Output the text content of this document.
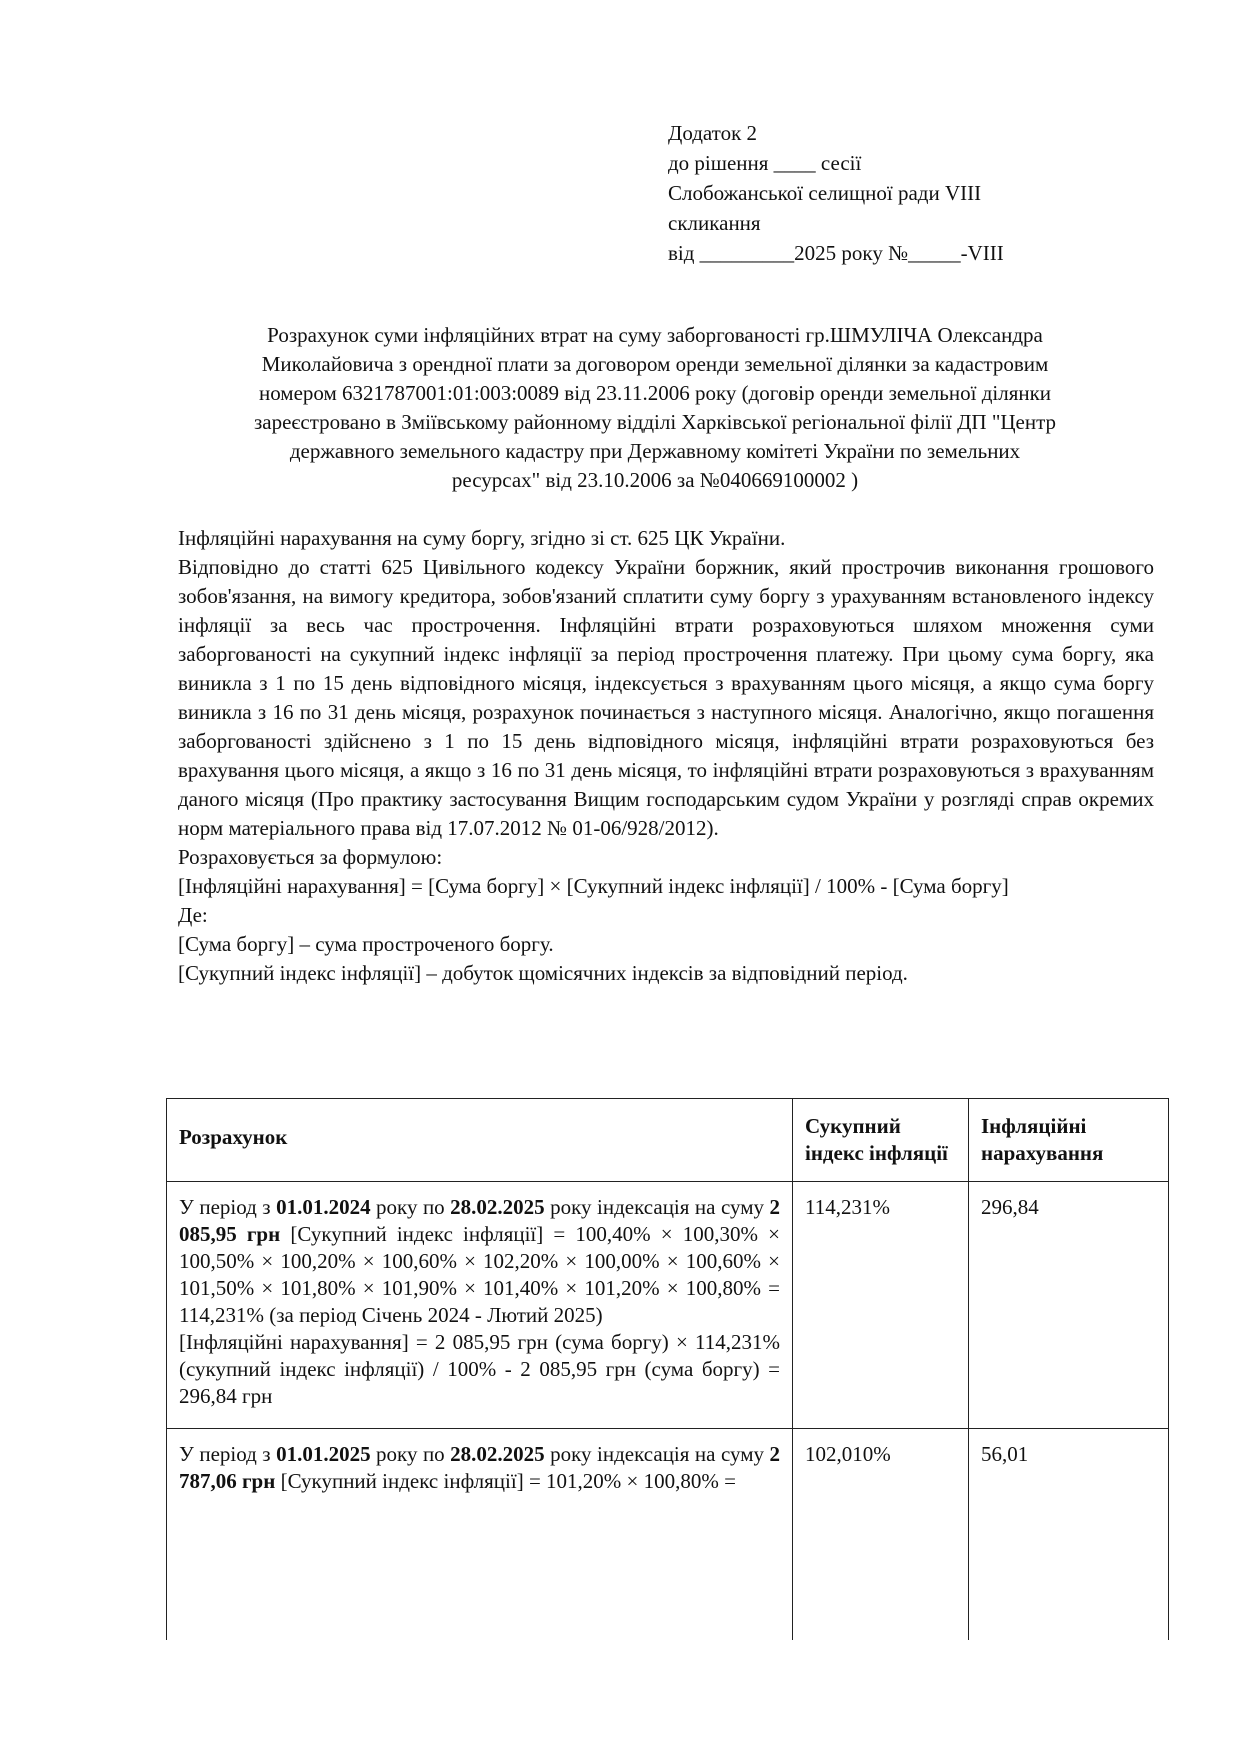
Додаток 2
до рішення ____ сесії
Слобожанської селищної ради VIII
скликання
від _________2025 року №_____-VIII
Розрахунок суми інфляційних втрат на суму заборгованості гр.ШМУЛІЧА Олександра
Миколайовича з орендної плати за договором оренди земельної ділянки за кадастровим
номером 6321787001:01:003:0089 від 23.11.2006 року (договір оренди земельної ділянки
зареєстровано в Зміївському районному відділі Харківської регіональної філії ДП "Центр
державного земельного кадастру при Державному комітеті України по земельних
ресурсах" від 23.10.2006 за №040669100002 )

Інфляційні нарахування на суму боргу, згідно зі ст. 625 ЦК України.

Відповідно до статті 625 Цивільного кодексу України боржник, який прострочив виконання грошового зобов'язання, на вимогу кредитора, зобов'язаний сплатити суму боргу з урахуванням встановленого індексу інфляції за весь час прострочення. Інфляційні втрати розраховуються шляхом множення суми заборгованості на сукупний індекс інфляції за період прострочення платежу. При цьому сума боргу, яка виникла з 1 по 15 день відповідного місяця, індексується з врахуванням цього місяця, а якщо сума боргу виникла з 16 по 31 день місяця, розрахунок починається з наступного місяця. Аналогічно, якщо погашення заборгованості здійснено з 1 по 15 день відповідного місяця, інфляційні втрати розраховуються без врахування цього місяця, а якщо з 16 по 31 день місяця, то інфляційні втрати розраховуються з врахуванням даного місяця (Про практику застосування Вищим господарським судом України у розгляді справ окремих норм матеріального права від 17.07.2012 № 01-06/928/2012).

Розраховується за формулою:

[Інфляційні нарахування] = [Сума боргу] × [Сукупний індекс інфляції] / 100% - [Сума боргу]

Де:

[Сума боргу] – сума простроченого боргу.

[Сукупний індекс інфляції] – добуток щомісячних індексів за відповідний період.

Розрахунок	Сукупний індекс інфляції	Інфляційні нарахування
У період з 01.01.2024 року по 28.02.2025 року індексація на суму 2 085,95 грн [Сукупний індекс інфляції] = 100,40% × 100,30% × 100,50% × 100,20% × 100,60% × 102,20% × 100,00% × 100,60% × 101,50% × 101,80% × 101,90% × 101,40% × 101,20% × 100,80% = 114,231% (за період Січень 2024 - Лютий 2025)
[Інфляційні нарахування] = 2 085,95 грн (сума боргу) × 114,231% (сукупний індекс інфляції) / 100% - 2 085,95 грн (сума боргу) = 296,84 грн	114,231%	296,84
У період з 01.01.2025 року по 28.02.2025 року індексація на суму 2 787,06 грн [Сукупний індекс інфляції] = 101,20% × 100,80% =	102,010%	56,01
